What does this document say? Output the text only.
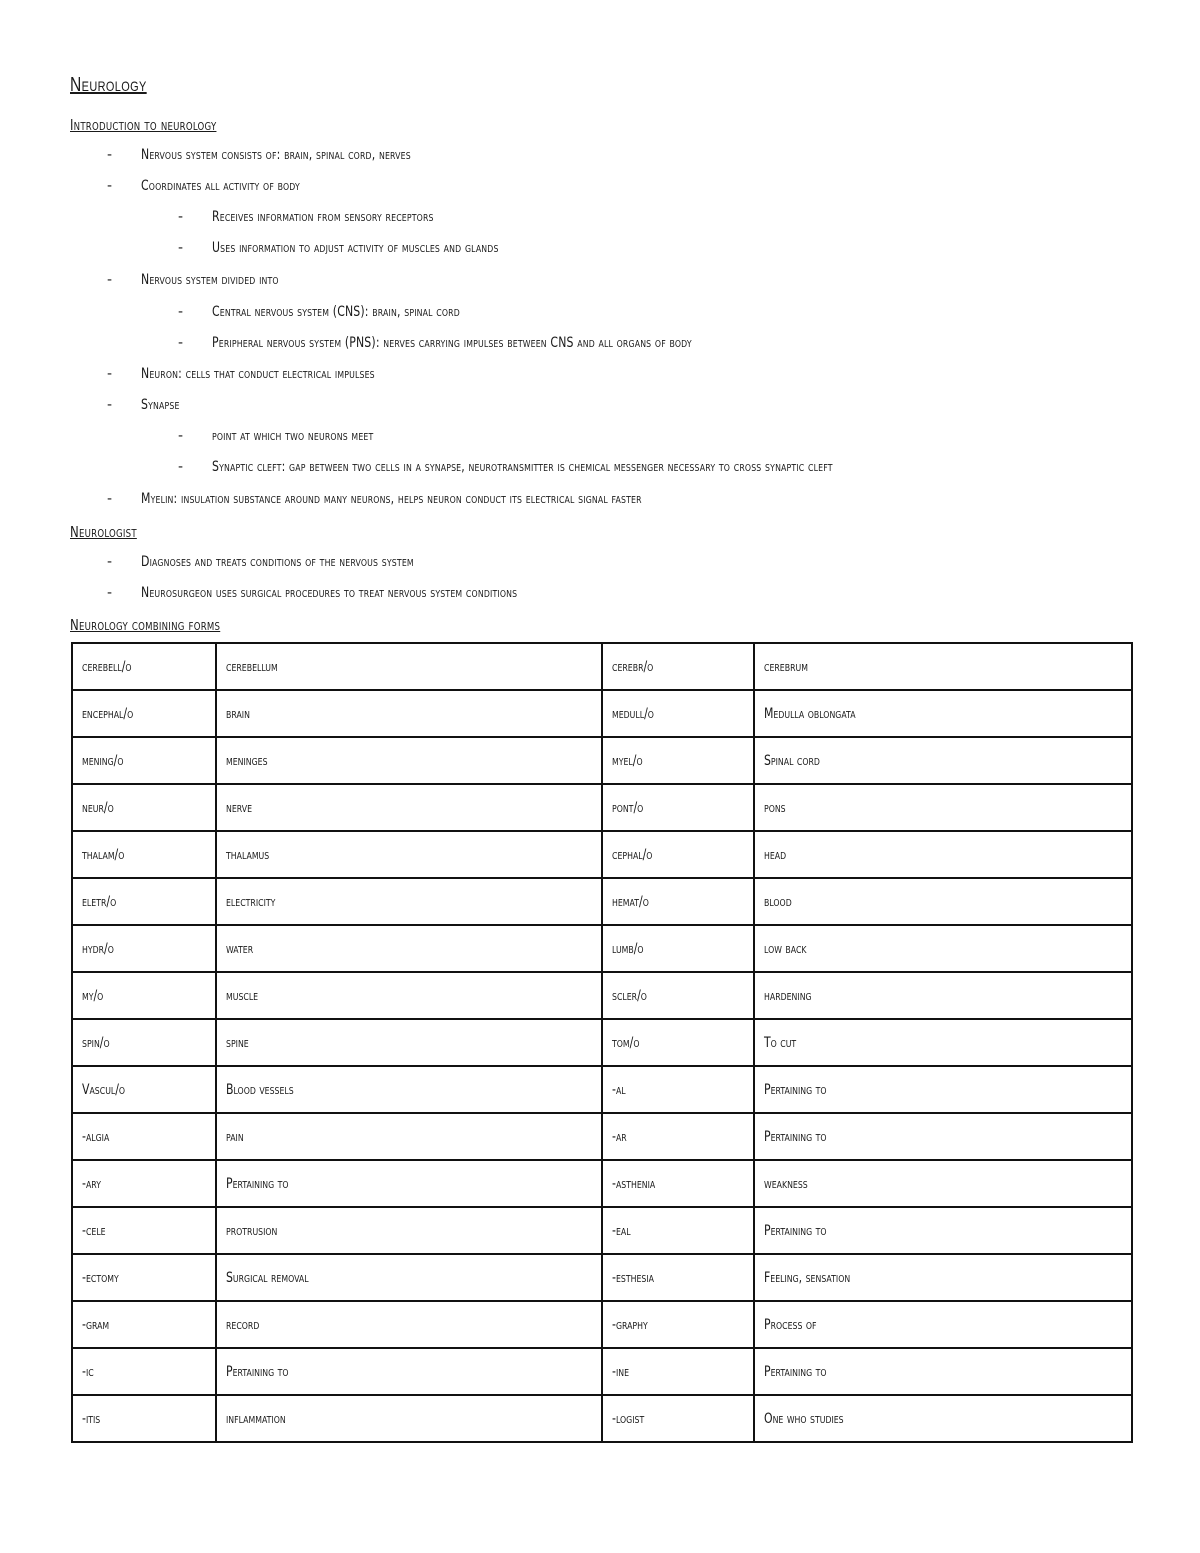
Neurology
Introduction to neurology
- Nervous system consists of: brain, spinal cord, nerves
- Coordinates all activity of body
- Receives information from sensory receptors
- Uses information to adjust activity of muscles and glands
- Nervous system divided into
- Central nervous system (CNS): brain, spinal cord
- Peripheral nervous system (PNS): nerves carrying impulses between CNS and all organs of body
- Neuron: cells that conduct electrical impulses
- Synapse
- point at which two neurons meet
- Synaptic cleft: gap between two cells in a synapse, neurotransmitter is chemical messenger necessary to cross synaptic cleft
- Myelin: insulation substance around many neurons, helps neuron conduct its electrical signal faster
Neurologist
- Diagnoses and treats conditions of the nervous system
- Neurosurgeon uses surgical procedures to treat nervous system conditions
Neurology combining forms
cerebell/o	cerebellum	cerebr/o	cerebrum
encephal/o	brain	medull/o	Medulla oblongata
mening/o	meninges	myel/o	Spinal cord
neur/o	nerve	pont/o	pons
thalam/o	thalamus	cephal/o	head
eletr/o	electricity	hemat/o	blood
hydr/o	water	lumb/o	low back
my/o	muscle	scler/o	hardening
spin/o	spine	tom/o	To cut
Vascul/o	Blood vessels	-al	Pertaining to
-algia	pain	-ar	Pertaining to
-ary	Pertaining to	-asthenia	weakness
-cele	protrusion	-eal	Pertaining to
-ectomy	Surgical removal	-esthesia	Feeling, sensation
-gram	record	-graphy	Process of
-ic	Pertaining to	-ine	Pertaining to
-itis	inflammation	-logist	One who studies
